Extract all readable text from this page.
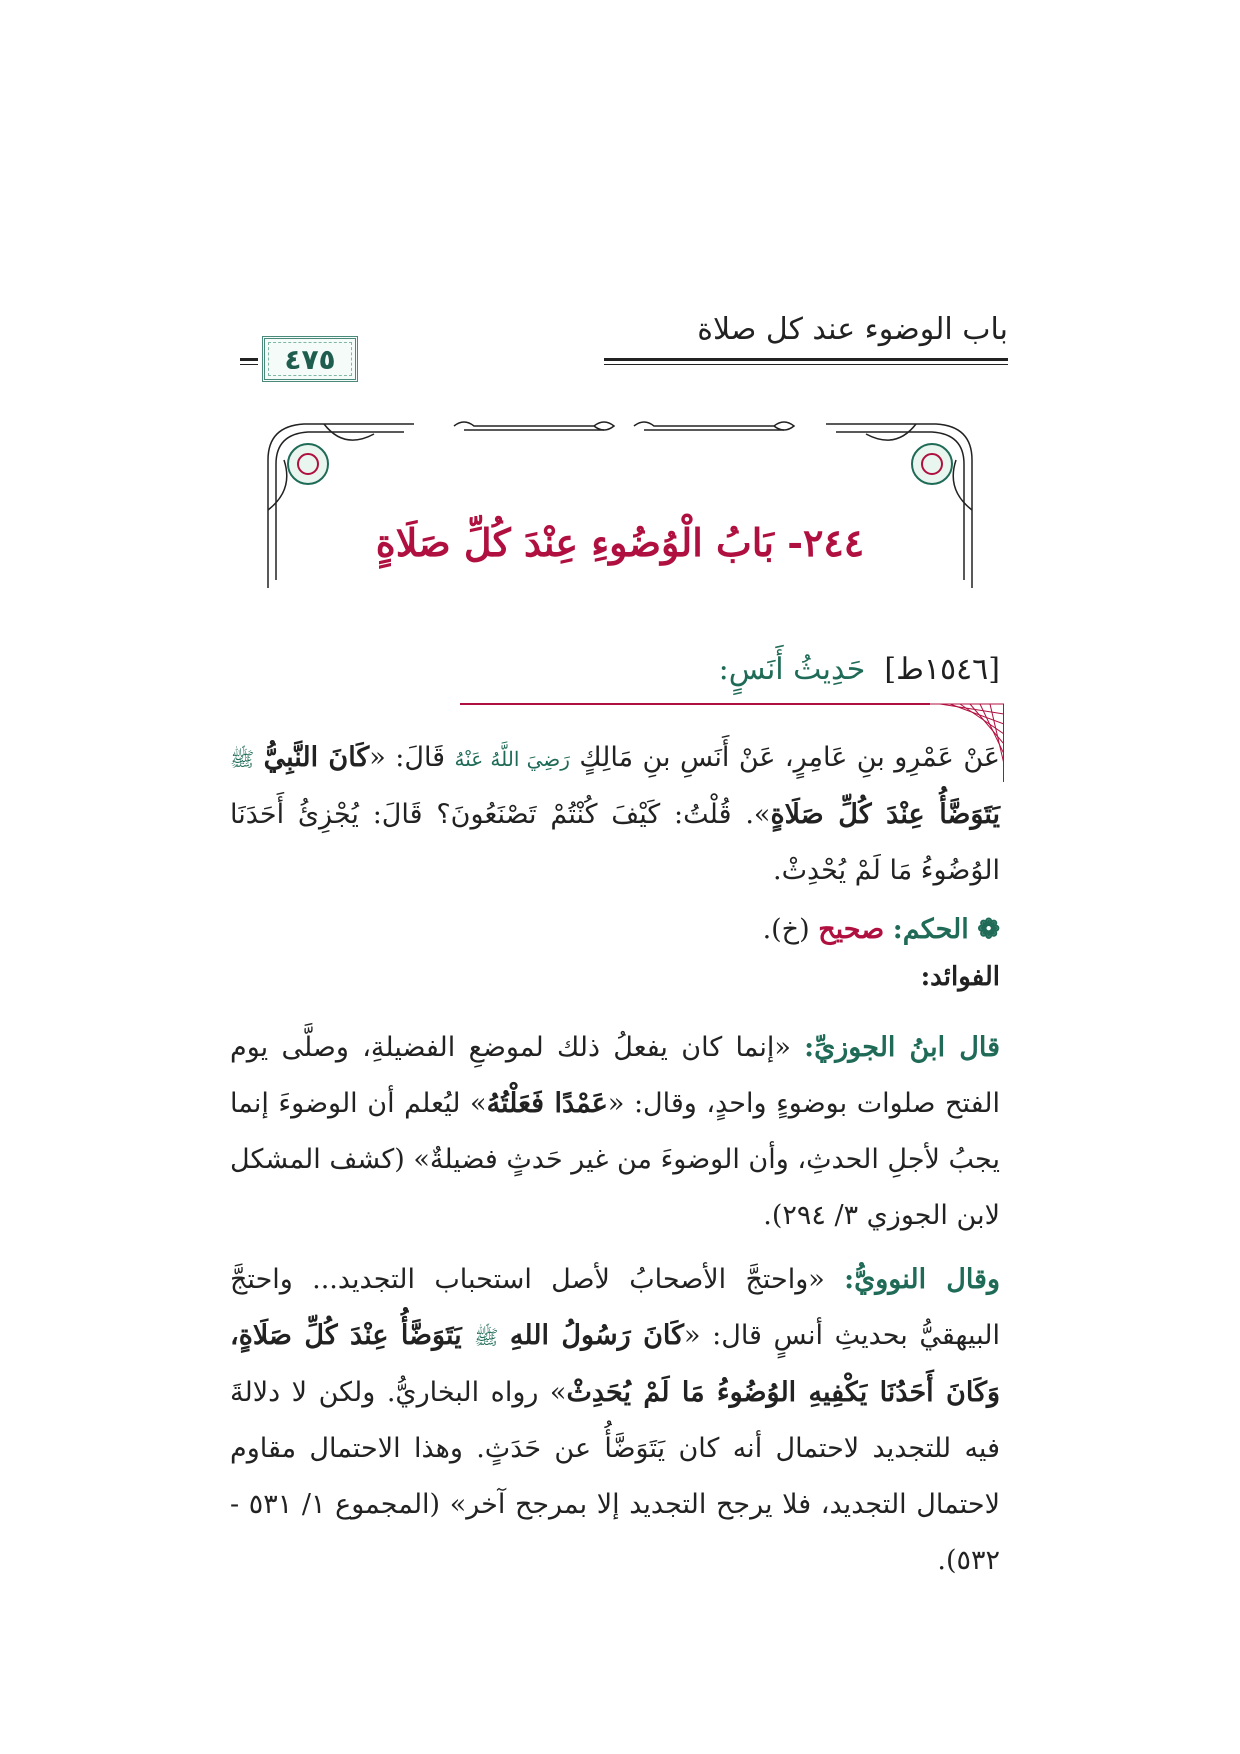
باب الوضوء عند كل صلاة
٤٧٥
٢٤٤- بَابُ الْوُضُوءِ عِنْدَ كُلِّ صَلَاةٍ
[١٥٤٦ط] حَدِيثُ أَنَسٍ:
عَنْ عَمْرِو بنِ عَامِرٍ، عَنْ أَنَسِ بنِ مَالِكٍ رَضِيَ اللَّهُ عَنْهُ قَالَ: «كَانَ النَّبِيُّ ﷺ يَتَوَضَّأُ عِنْدَ كُلِّ صَلَاةٍ». قُلْتُ: كَيْفَ كُنْتُمْ تَصْنَعُونَ؟ قَالَ: يُجْزِئُ أَحَدَنَا الوُضُوءُ مَا لَمْ يُحْدِثْ.
❁ الحكم: صحيح (خ).
الفوائد:
قال ابنُ الجوزيِّ: «إنما كان يفعلُ ذلك لموضعِ الفضيلةِ، وصلَّى يوم الفتح صلوات بوضوءٍ واحدٍ، وقال: «عَمْدًا فَعَلْتُهُ» ليُعلم أن الوضوءَ إنما يجبُ لأجلِ الحدثِ، وأن الوضوءَ من غير حَدثٍ فضيلةٌ» (كشف المشكل لابن الجوزي ٣/ ٢٩٤).
وقال النوويُّ: «واحتجَّ الأصحابُ لأصل استحباب التجديد... واحتجَّ البيهقيُّ بحديثِ أنسٍ قال: «كَانَ رَسُولُ اللهِ ﷺ يَتَوَضَّأُ عِنْدَ كُلِّ صَلَاةٍ، وَكَانَ أَحَدُنَا يَكْفِيهِ الوُضُوءُ مَا لَمْ يُحَدِثْ» رواه البخاريُّ. ولكن لا دلالةَ فيه للتجديد لاحتمال أنه كان يَتَوَضَّأُ عن حَدَثٍ. وهذا الاحتمال مقاوم لاحتمال التجديد، فلا يرجح التجديد إلا بمرجح آخر» (المجموع ١/ ٥٣١ - ٥٣٢).
